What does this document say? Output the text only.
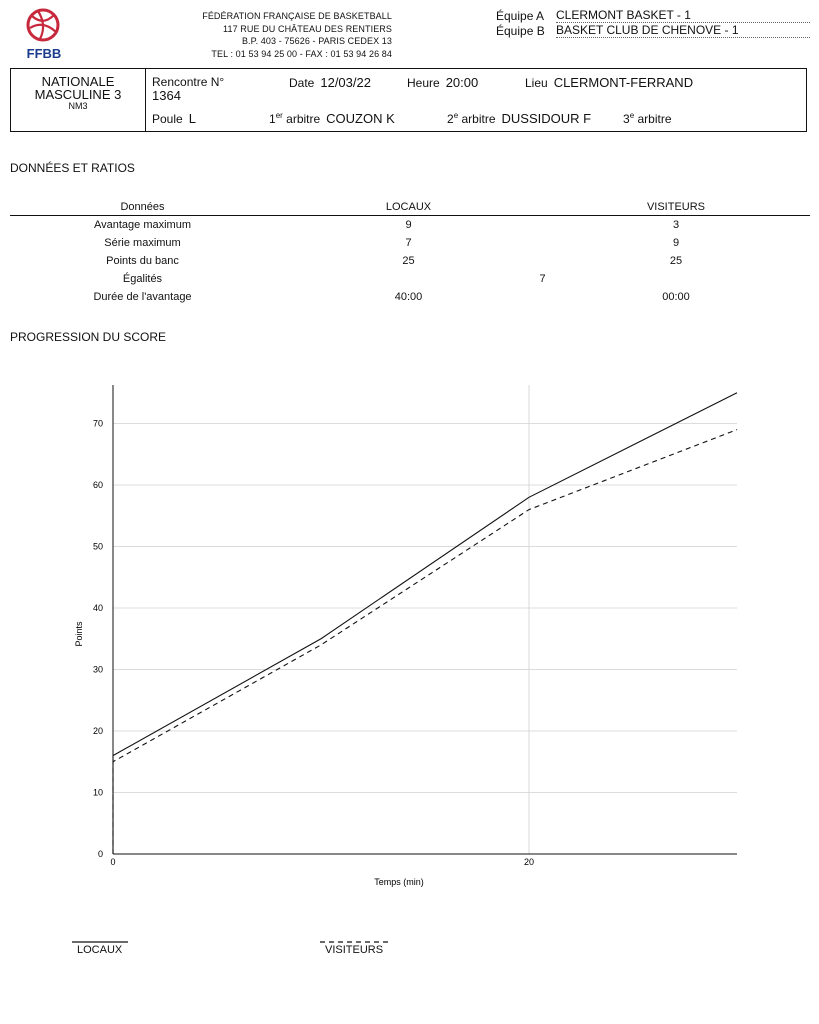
FFBB
FÉDÉRATION FRANÇAISE DE BASKETBALL
117 RUE DU CHÂTEAU DES RENTIERS
B.P. 403 - 75626 - PARIS CEDEX 13
TEL : 01 53 94 25 00 - FAX : 01 53 94 26 84
Équipe A CLERMONT BASKET - 1
Équipe B BASKET CLUB DE CHENOVE - 1
NATIONALE
MASCULINE 3
NM3
Rencontre N°
1364
Date 12/03/22	Heure 20:00	Lieu CLERMONT-FERRAND
Poule L	1er arbitre COUZON K	2e arbitre DUSSIDOUR F	3e arbitre
DONNÉES ET RATIOS
Données	LOCAUX	VISITEURS
Avantage maximum	9	3
Série maximum	7	9
Points du banc	25	25
Égalités	7	
Durée de l'avantage	40:00	00:00
PROGRESSION DU SCORE
0
10
20
30
40
50
60
70
0	20
Temps (min)
Points
LOCAUX	VISITEURS
